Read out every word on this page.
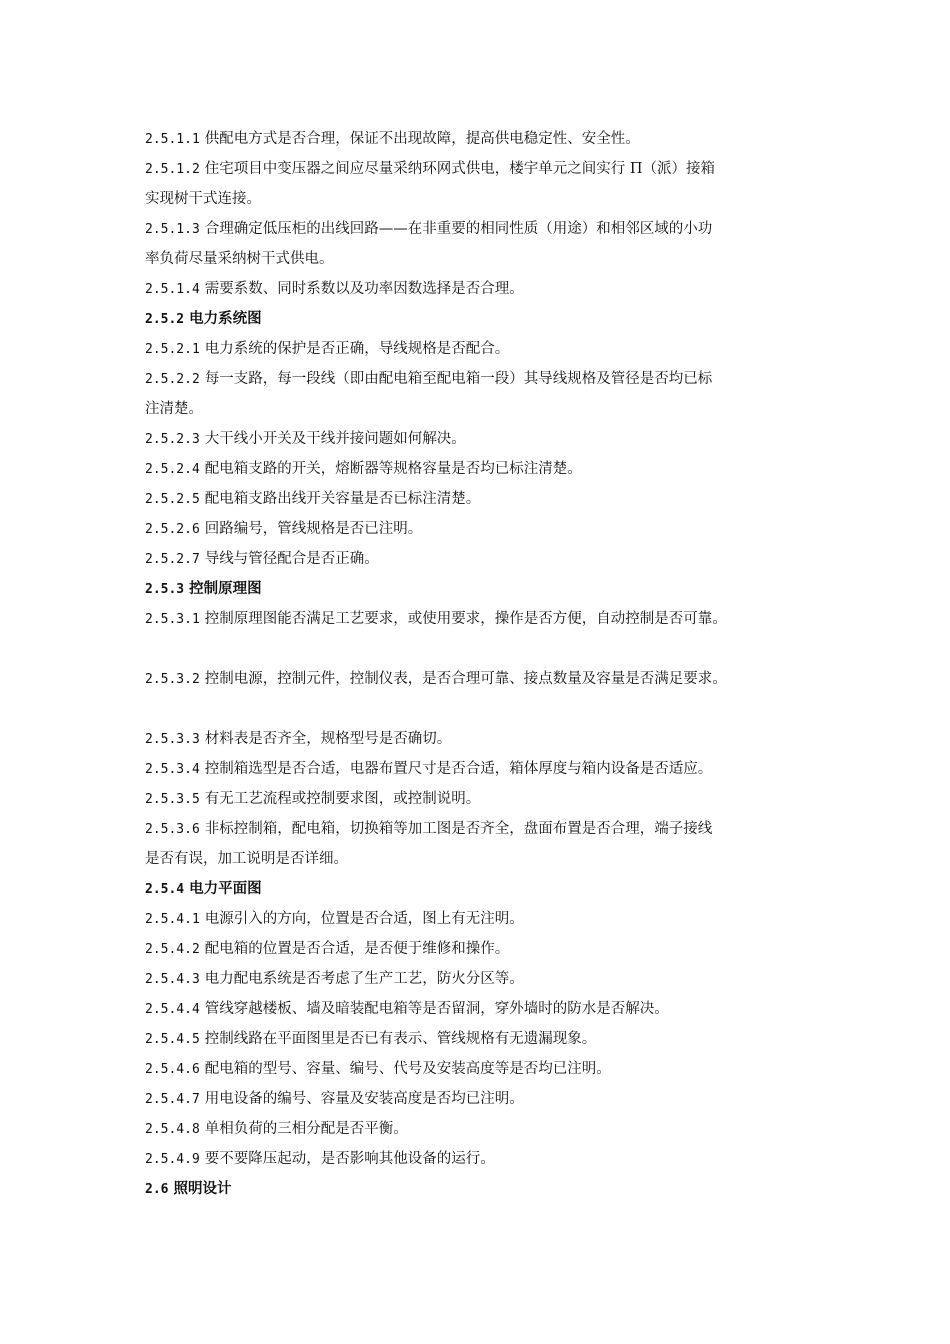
2.5.1.1 供配电方式是否合理，保证不出现故障，提高供电稳定性、安全性。
2.5.1.2 住宅项目中变压器之间应尽量采纳环网式供电，楼宇单元之间实行 Π（派）接箱
实现树干式连接。
2.5.1.3 合理确定低压柜的出线回路——在非重要的相同性质（用途）和相邻区域的小功
率负荷尽量采纳树干式供电。
2.5.1.4 需要系数、同时系数以及功率因数选择是否合理。
2.5.2 电力系统图
2.5.2.1 电力系统的保护是否正确，导线规格是否配合。
2.5.2.2 每一支路，每一段线（即由配电箱至配电箱一段）其导线规格及管径是否均已标
注清楚。
2.5.2.3 大干线小开关及干线并接问题如何解决。
2.5.2.4 配电箱支路的开关，熔断器等规格容量是否均已标注清楚。
2.5.2.5 配电箱支路出线开关容量是否已标注清楚。
2.5.2.6 回路编号，管线规格是否已注明。
2.5.2.7 导线与管径配合是否正确。
2.5.3 控制原理图
2.5.3.1 控制原理图能否满足工艺要求，或使用要求，操作是否方便，自动控制是否可靠。
2.5.3.2 控制电源，控制元件，控制仪表，是否合理可靠、接点数量及容量是否满足要求。
2.5.3.3 材料表是否齐全，规格型号是否确切。
2.5.3.4 控制箱选型是否合适，电器布置尺寸是否合适，箱体厚度与箱内设备是否适应。
2.5.3.5 有无工艺流程或控制要求图，或控制说明。
2.5.3.6 非标控制箱，配电箱，切换箱等加工图是否齐全，盘面布置是否合理，端子接线
是否有误，加工说明是否详细。
2.5.4 电力平面图
2.5.4.1 电源引入的方向，位置是否合适，图上有无注明。
2.5.4.2 配电箱的位置是否合适，是否便于维修和操作。
2.5.4.3 电力配电系统是否考虑了生产工艺，防火分区等。
2.5.4.4 管线穿越楼板、墙及暗装配电箱等是否留洞，穿外墙时的防水是否解决。
2.5.4.5 控制线路在平面图里是否已有表示、管线规格有无遗漏现象。
2.5.4.6 配电箱的型号、容量、编号、代号及安装高度等是否均已注明。
2.5.4.7 用电设备的编号、容量及安装高度是否均已注明。
2.5.4.8 单相负荷的三相分配是否平衡。
2.5.4.9 要不要降压起动，是否影响其他设备的运行。
2.6 照明设计
